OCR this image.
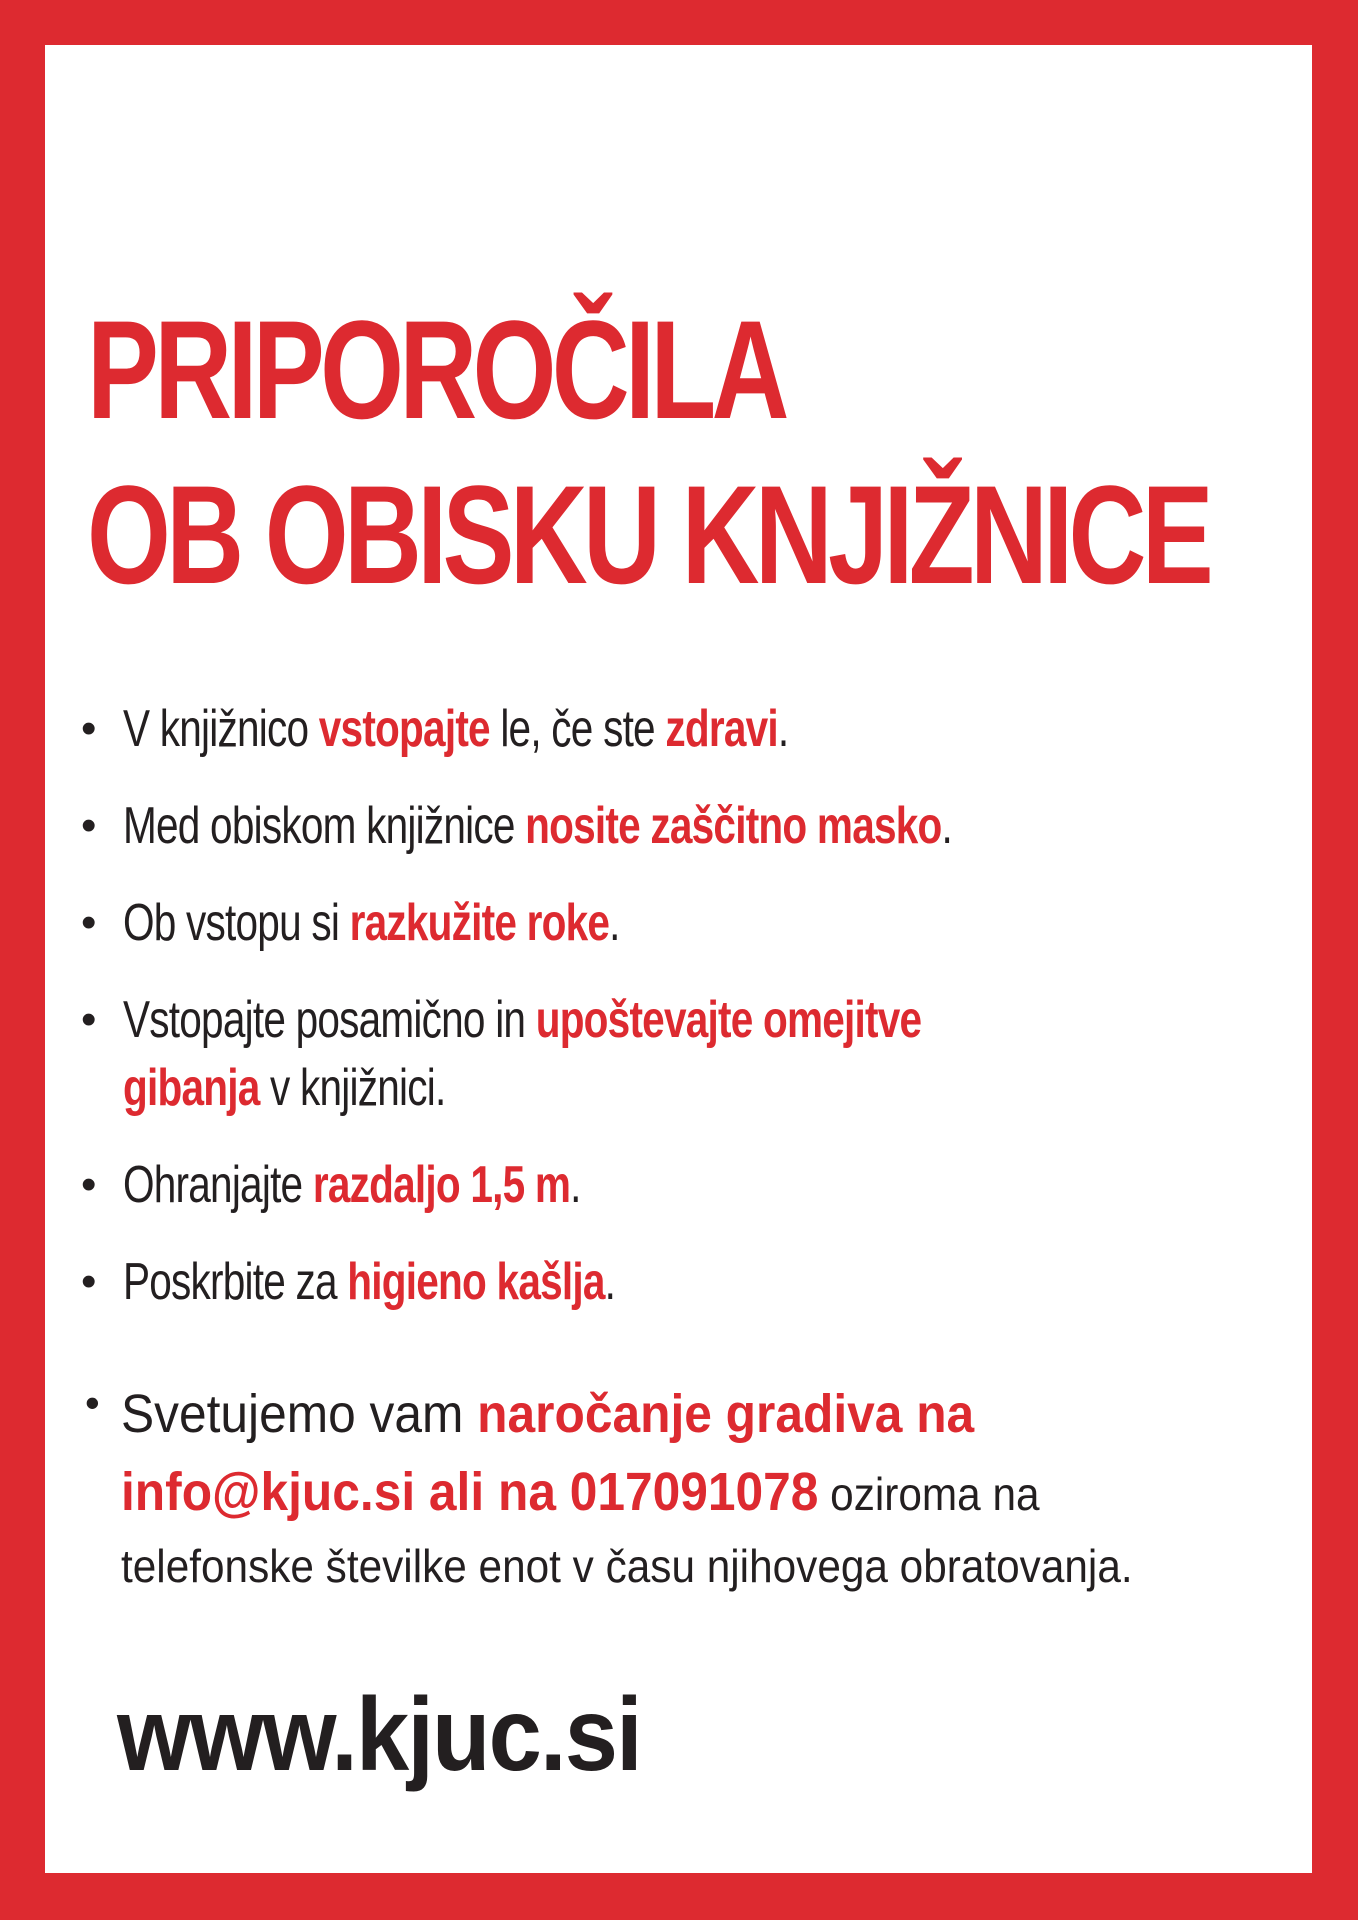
PRIPOROČILA
OB OBISKU KNJIŽNICE
• V knjižnico vstopajte le, če ste zdravi.
• Med obiskom knjižnice nosite zaščitno masko.
• Ob vstopu si razkužite roke.
• Vstopajte posamično in upoštevajte omejitve gibanja v knjižnici.
• Ohranjajte razdaljo 1,5 m.
• Poskrbite za higieno kašlja.
• Svetujemo vam naročanje gradiva na
info@kjuc.si ali na 017091078 oziroma na
telefonske številke enot v času njihovega obratovanja.
www.kjuc.si
